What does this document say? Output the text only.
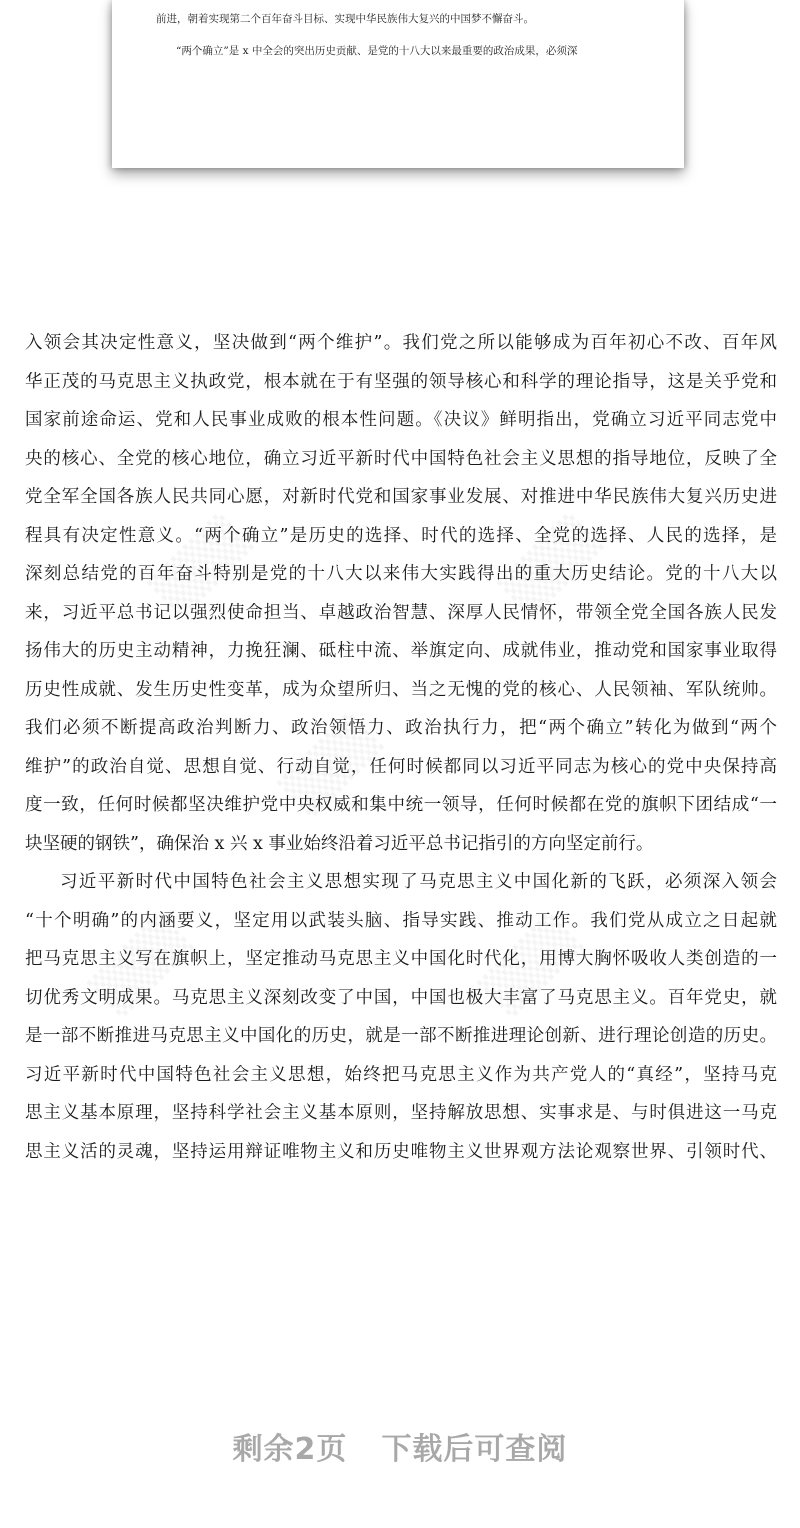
前进，朝着实现第二个百年奋斗目标、实现中华民族伟大复兴的中国梦不懈奋斗。
“两个确立”是 x 中全会的突出历史贡献、是党的十八大以来最重要的政治成果，必须深
入领会其决定性意义，坚决做到“两个维护”。我们党之所以能够成为百年初心不改、百年风
华正茂的马克思主义执政党，根本就在于有坚强的领导核心和科学的理论指导，这是关乎党和
国家前途命运、党和人民事业成败的根本性问题。《决议》鲜明指出，党确立习近平同志党中
央的核心、全党的核心地位，确立习近平新时代中国特色社会主义思想的指导地位，反映了全
党全军全国各族人民共同心愿，对新时代党和国家事业发展、对推进中华民族伟大复兴历史进
程具有决定性意义。“两个确立”是历史的选择、时代的选择、全党的选择、人民的选择，是
深刻总结党的百年奋斗特别是党的十八大以来伟大实践得出的重大历史结论。党的十八大以
来，习近平总书记以强烈使命担当、卓越政治智慧、深厚人民情怀，带领全党全国各族人民发
扬伟大的历史主动精神，力挽狂澜、砥柱中流、举旗定向、成就伟业，推动党和国家事业取得
历史性成就、发生历史性变革，成为众望所归、当之无愧的党的核心、人民领袖、军队统帅。
我们必须不断提高政治判断力、政治领悟力、政治执行力，把“两个确立”转化为做到“两个
维护”的政治自觉、思想自觉、行动自觉，任何时候都同以习近平同志为核心的党中央保持高
度一致，任何时候都坚决维护党中央权威和集中统一领导，任何时候都在党的旗帜下团结成“一
块坚硬的钢铁”，确保治 x 兴 x 事业始终沿着习近平总书记指引的方向坚定前行。
习近平新时代中国特色社会主义思想实现了马克思主义中国化新的飞跃，必须深入领会
“十个明确”的内涵要义，坚定用以武装头脑、指导实践、推动工作。我们党从成立之日起就
把马克思主义写在旗帜上，坚定推动马克思主义中国化时代化，用博大胸怀吸收人类创造的一
切优秀文明成果。马克思主义深刻改变了中国，中国也极大丰富了马克思主义。百年党史，就
是一部不断推进马克思主义中国化的历史，就是一部不断推进理论创新、进行理论创造的历史。
习近平新时代中国特色社会主义思想，始终把马克思主义作为共产党人的“真经”，坚持马克
思主义基本原理，坚持科学社会主义基本原则，坚持解放思想、实事求是、与时俱进这一马克
思主义活的灵魂，坚持运用辩证唯物主义和历史唯物主义世界观方法论观察世界、引领时代、
剩余2页 下载后可查阅
